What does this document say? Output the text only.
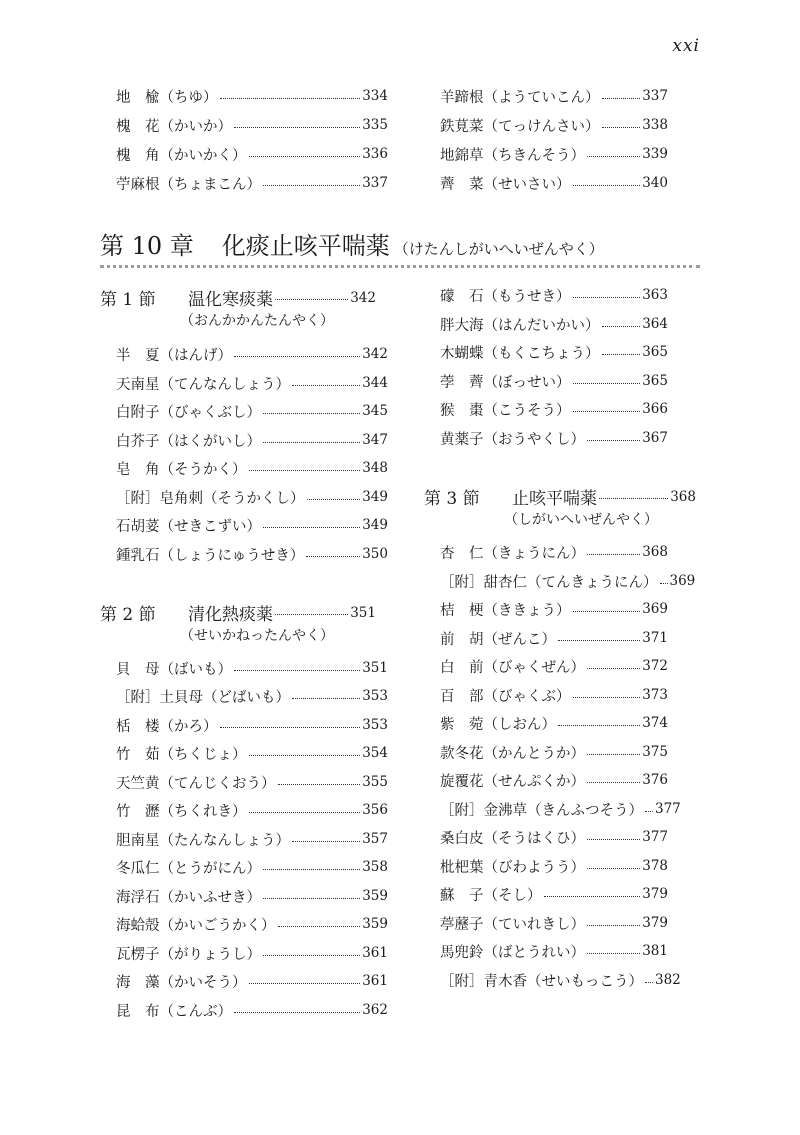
xxi
地　楡（ちゆ）	334
槐　花（かいか）	335
槐　角（かいかく）	336
苧麻根（ちょまこん）	337
羊蹄根（ようていこん）	337
鉄莧菜（てっけんさい）	338
地錦草（ちきんそう）	339
薺　菜（せいさい）	340
第 10 章 化痰止咳平喘薬 （けたんしがいへいぜんやく）
第 1 節	温化寒痰薬	342
（おんかかんたんやく）
半　夏（はんげ）	342
天南星（てんなんしょう）	344
白附子（びゃくぶし）	345
白芥子（はくがいし）	347
皂　角（そうかく）	348
［附］皂角刺（そうかくし）	349
石胡荽（せきこずい）	349
鍾乳石（しょうにゅうせき）	350
第 2 節	清化熱痰薬	351
（せいかねったんやく）
貝　母（ばいも）	351
［附］土貝母（どばいも）	353
栝　楼（かろ）	353
竹　茹（ちくじょ）	354
天竺黄（てんじくおう）	355
竹　瀝（ちくれき）	356
胆南星（たんなんしょう）	357
冬瓜仁（とうがにん）	358
海浮石（かいふせき）	359
海蛤殻（かいごうかく）	359
瓦楞子（がりょうし）	361
海　藻（かいそう）	361
昆　布（こんぶ）	362
礞　石（もうせき）	363
胖大海（はんだいかい）	364
木蝴蝶（もくこちょう）	365
荸　薺（ぼっせい）	365
猴　棗（こうそう）	366
黄薬子（おうやくし）	367
第 3 節	止咳平喘薬	368
（しがいへいぜんやく）
杏　仁（きょうにん）	368
［附］甜杏仁（てんきょうにん） 369
桔　梗（ききょう）	369
前　胡（ぜんこ）	371
白　前（びゃくぜん）	372
百　部（びゃくぶ）	373
紫　菀（しおん）	374
款冬花（かんとうか）	375
旋覆花（せんぷくか）	376
［附］金沸草（きんふつそう） 377
桑白皮（そうはくひ）	377
枇杷葉（びわようう）	378
蘇　子（そし）	379
葶藶子（ていれきし）	379
馬兜鈴（ばとうれい）	381
［附］青木香（せいもっこう） 382
